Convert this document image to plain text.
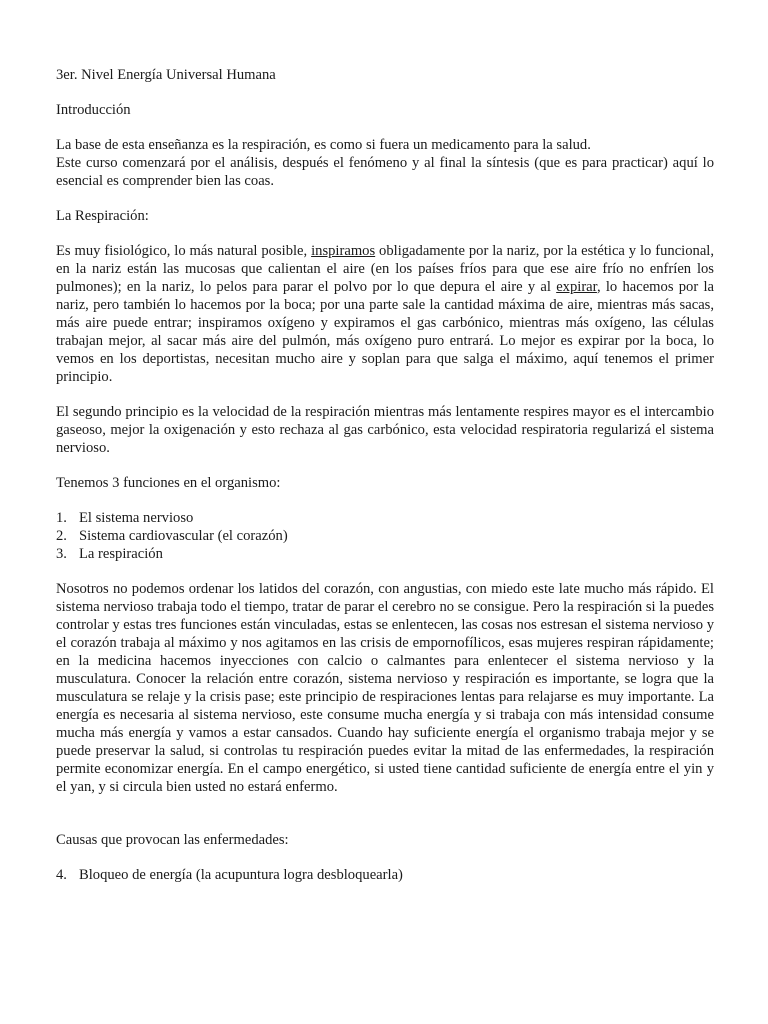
3er. Nivel Energía Universal Humana

Introducción

La base de esta enseñanza es la respiración, es como si fuera un medicamento para la salud.
Este curso comenzará por el análisis, después el fenómeno y al final la síntesis (que es para practicar) aquí lo esencial es comprender bien las coas.

La Respiración:

Es muy fisiológico, lo más natural posible, inspiramos obligadamente por la nariz, por la estética y lo funcional, en la nariz están las mucosas que calientan el aire (en los países fríos para que ese aire frío no enfríen los pulmones); en la nariz, lo pelos para parar el polvo por lo que depura el aire y al expirar, lo hacemos por la nariz, pero también lo hacemos por la boca; por una parte sale la cantidad máxima de aire, mientras más sacas, más aire puede entrar; inspiramos oxígeno y expiramos el gas carbónico, mientras más oxígeno, las células trabajan mejor, al sacar más aire del pulmón, más oxígeno puro entrará. Lo mejor es expirar por la boca, lo vemos en los deportistas, necesitan mucho aire y soplan para que salga el máximo, aquí tenemos el primer principio.

El segundo principio es la velocidad de la respiración mientras más lentamente respires mayor es el intercambio gaseoso, mejor la oxigenación y esto rechaza al gas carbónico, esta velocidad respiratoria regularizá el sistema nervioso.

Tenemos 3 funciones en el organismo:

1. El sistema nervioso
2. Sistema cardiovascular (el corazón)
3. La respiración

Nosotros no podemos ordenar los latidos del corazón, con angustias, con miedo este late mucho más rápido. El sistema nervioso trabaja todo el tiempo, tratar de parar el cerebro no se consigue. Pero la respiración si la puedes controlar y estas tres funciones están vinculadas, estas se enlentecen, las cosas nos estresan el sistema nervioso y el corazón trabaja al máximo y nos agitamos en las crisis de empornofílicos, esas mujeres respiran rápidamente; en la medicina hacemos inyecciones con calcio o calmantes para enlentecer el sistema nervioso y la musculatura. Conocer la relación entre corazón, sistema nervioso y respiración es importante, se logra que la musculatura se relaje y la crisis pase; este principio de respiraciones lentas para relajarse es muy importante. La energía es necesaria al sistema nervioso, este consume mucha energía y si trabaja con más intensidad consume mucha más energía y vamos a estar cansados. Cuando hay suficiente energía el organismo trabaja mejor y se puede preservar la salud, si controlas tu respiración puedes evitar la mitad de las enfermedades, la respiración permite economizar energía. En el campo energético, si usted tiene cantidad suficiente de energía entre el yin y el yan, y si circula bien usted no estará enfermo.

Causas que provocan las enfermedades:

4. Bloqueo de energía (la acupuntura logra desbloquearla)
